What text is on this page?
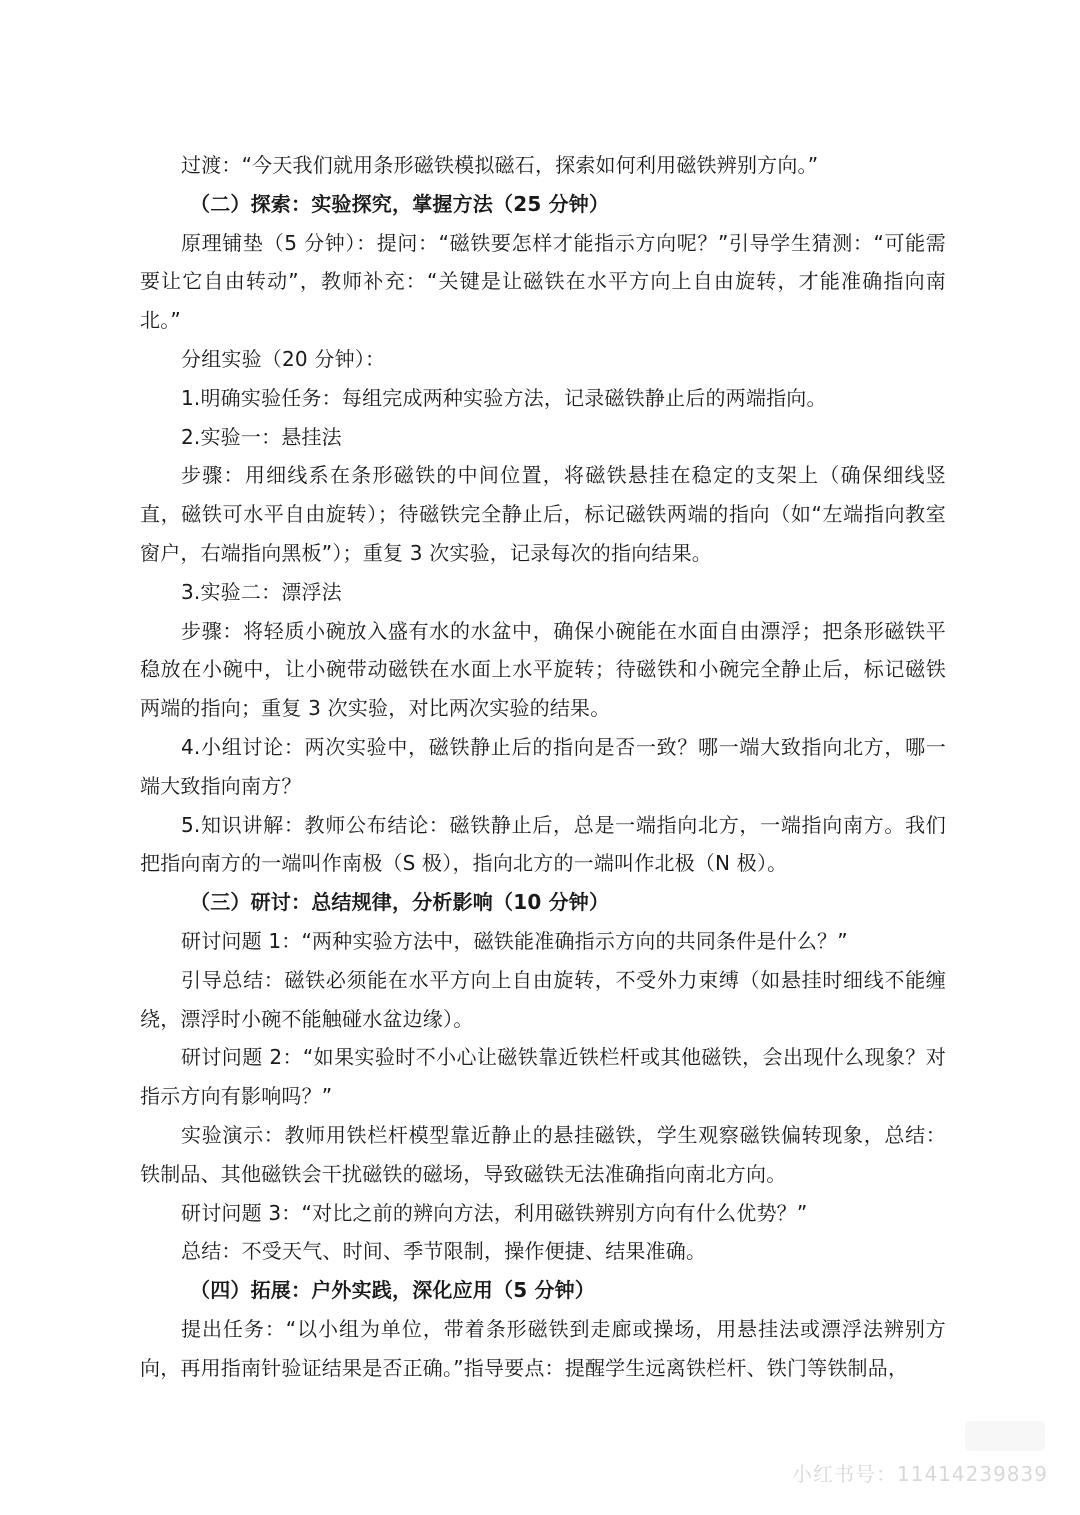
过渡：“今天我们就用条形磁铁模拟磁石，探索如何利用磁铁辨别方向。”

（二）探索：实验探究，掌握方法（25 分钟）

原理铺垫（5 分钟）：提问：“磁铁要怎样才能指示方向呢？”引导学生猜测：“可能需要让它自由转动”，教师补充：“关键是让磁铁在水平方向上自由旋转，才能准确指向南北。”

分组实验（20 分钟）：

1.明确实验任务：每组完成两种实验方法，记录磁铁静止后的两端指向。

2.实验一：悬挂法

步骤：用细线系在条形磁铁的中间位置，将磁铁悬挂在稳定的支架上（确保细线竖直，磁铁可水平自由旋转）；待磁铁完全静止后，标记磁铁两端的指向（如“左端指向教室窗户，右端指向黑板”）；重复 3 次实验，记录每次的指向结果。

3.实验二：漂浮法

步骤：将轻质小碗放入盛有水的水盆中，确保小碗能在水面自由漂浮；把条形磁铁平稳放在小碗中，让小碗带动磁铁在水面上水平旋转；待磁铁和小碗完全静止后，标记磁铁两端的指向；重复 3 次实验，对比两次实验的结果。

4.小组讨论：两次实验中，磁铁静止后的指向是否一致？哪一端大致指向北方，哪一端大致指向南方？

5.知识讲解：教师公布结论：磁铁静止后，总是一端指向北方，一端指向南方。我们把指向南方的一端叫作南极（S 极），指向北方的一端叫作北极（N 极）。

（三）研讨：总结规律，分析影响（10 分钟）

研讨问题 1：“两种实验方法中，磁铁能准确指示方向的共同条件是什么？”

引导总结：磁铁必须能在水平方向上自由旋转，不受外力束缚（如悬挂时细线不能缠绕，漂浮时小碗不能触碰水盆边缘）。

研讨问题 2：“如果实验时不小心让磁铁靠近铁栏杆或其他磁铁，会出现什么现象？对指示方向有影响吗？”

实验演示：教师用铁栏杆模型靠近静止的悬挂磁铁，学生观察磁铁偏转现象，总结：铁制品、其他磁铁会干扰磁铁的磁场，导致磁铁无法准确指向南北方向。

研讨问题 3：“对比之前的辨向方法，利用磁铁辨别方向有什么优势？”

总结：不受天气、时间、季节限制，操作便捷、结果准确。

（四）拓展：户外实践，深化应用（5 分钟）

提出任务：“以小组为单位，带着条形磁铁到走廊或操场，用悬挂法或漂浮法辨别方向，再用指南针验证结果是否正确。”指导要点：提醒学生远离铁栏杆、铁门等铁制品，

小红书号：11414239839
